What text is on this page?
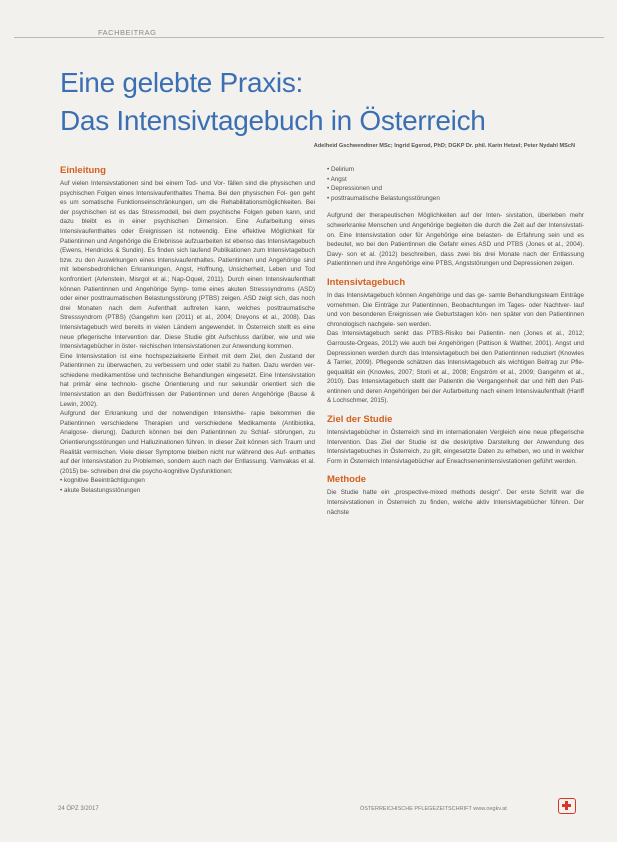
FACHBEITRAG
Eine gelebte Praxis:
Das Intensivtagebuch in Österreich
Adelheid Gschwendtner MSc; Ingrid Egerod, PhD; DGKP Dr. phil. Karin Hetzel; Peter Nydahl MScN
Einleitung

Auf vielen Intensivstationen sind bei einem Tod- und Vor- fällen sind die physischen und psychischen Folgen eines Intensivaufenthaltes Thema. Bei den physischen Fol- gen geht es um somatische Funktionseinschränkungen, um die Rehabilitationsmöglichkeiten. Bei der psychischen ist es das Stressmodell, bei dem psychische Folgen geben kann, und dazu bleibt es in einer psychischen Dimension. Eine Aufarbeitung eines Intensivaufenthaltes oder Ereignissen ist notwendig. Eine effektive Möglichkeit für Patientinnen und Angehörige die Erlebnisse aufzuarbeiten ist ebenso das Intensivtagebuch (Ewens, Hendricks & Sundin). Es finden sich laufend Publikationen zum Intensivtagebuch bzw. zu den Auswirkungen eines Intensivaufenthaltes. Patientinnen und Angehörige sind mit lebensbedrohlichen Erkrankungen, Angst, Hoffnung, Unsicherheit, Leben und Tod konfrontiert (Arlenstein, Misrgol et al.; Nap-Oquel, 2011). Durch einen Intensivaufenthalt können Patientinnen und Angehörige Symp- tome eines akuten Stresssyndroms (ASD) oder einer posttraumatischen Belastungsstörung (PTBS) zeigen. ASD zeigt sich, das noch drei Monaten nach dem Aufenthalt auftreten kann, welches posttraumatische Stresssyndrom (PTBS) (Gangehm ken (2011) et al., 2004; Dreyons et al., 2008). Das Intensivtagebuch wird bereits in vielen Ländern angewendet. In Österreich stellt es eine neue pflegerische Intervention dar. Diese Studie gibt Aufschluss darüber, wie und wie Intensivtagebücher in öster- reichischen Intensivstationen zur Anwendung kommen.

Eine Intensivstation ist eine hochspezialisierte Einheit mit dem Ziel, den Zustand der Patientinnen zu überwachen, zu verbessern und oder stabil zu halten. Dazu werden ver- schiedene medikamentöse und technische Behandlungen eingesetzt. Eine Intensivstation hat primär eine technolo- gische Orientierung und nur sekundär orientiert sich die Intensivstation an den Bedürfnissen der Patientinnen und deren Angehörige (Bause & Lewin, 2002).

Aufgrund der Erkrankung und der notwendigen Intensivthe- rapie bekommen die Patientinnen verschiedene Therapien und verschiedene Medikamente (Antibiotika, Analgose- dierung). Dadurch können bei den Patientinnen zu Schlaf- störungen, zu Orientierungsstörungen und Halluzinationen führen. In dieser Zeit können sich Traum und Realität vermischen. Viele dieser Symptome bleiben nicht nur während des Auf- enthaltes auf der Intensivstation zu Problemen, sondern auch nach der Entlassung. Vamvakas et al. (2015) be- schreiben drei die psycho-kognitive Dysfunktionen:

• kognitive Beeinträchtigungen
• akute Belastungsstörungen
• Delirium
• Angst
• Depressionen und
• posttraumatische Belastungsstörungen

Aufgrund der therapeutischen Möglichkeiten auf der Inten- sivstation, überleben mehr schwerkranke Menschen und Angehörige begleiten die durch die Zeit auf der Intensivstati- on. Eine Intensivstation oder für Angehörige eine belasten- de Erfahrung sein und es bedeutet, wo bei den Patientinnen die Gefahr eines ASD und PTBS (Jones et al., 2004). Davy- son et al. (2012) beschreiben, dass zwei bis drei Monate nach der Entlassung Patientinnen und ihre Angehörige eine PTBS, Angststörungen und Depressionen zeigen.

Intensivtagebuch

In das Intensivtagebuch können Angehörige und das ge- samte Behandlungsteam Einträge vornehmen. Die Einträge zur Patientinnen, Beobachtungen im Tages- oder Nachtver- lauf und von besonderen Ereignissen wie Geburtstagen kön- nen später von den Patientinnen chronologisch nachgele- sen werden.

Das Intensivtagebuch senkt das PTBS-Risiko bei Patientin- nen (Jones et al., 2012; Garrouste-Orgeas, 2012) wie auch bei Angehörigen (Pattison & Walther, 2001). Angst und Depressionen werden durch das Intensivtagebuch bei den Patientinnen reduziert (Knowles & Tarrier, 2009). Pflegende schätzen das Intensivtagebuch als wichtigen Beitrag zur Pfle- gequalität ein (Knowles, 2007; Storli et al., 2008; Engström et al., 2009; Gangehm et al., 2010). Das Intensivtagebuch stellt der Patientin die Vergangenheit dar und hilft den Pati- entinnen und deren Angehörigen bei der Aufarbeitung nach einem Intensivaufenthalt (Hanff & Lochschmer, 2015).

Ziel der Studie

Intensivtagebücher in Österreich sind im internationalen Vergleich eine neue pflegerische Intervention. Das Ziel der Studie ist die deskriptive Darstellung der Anwendung des Intensivtagebuches in Österreich, zu gilt, eingesetzte Daten zu erheben, wo und in welcher Form in Österreich Intensivtagebücher auf Erwachsenenintensivstationen geführt werden.

Methode

Die Studie hatte ein „prospective-mixed methods design". Der erste Schritt war die Intensivstationen in Österreich zu finden, welche aktiv Intensivtagebücher führen. Der nächste

24 ÖPZ 3/2017	ÖSTERREICHISCHE PFLEGEZEITSCHRIFT www.oegkv.at
